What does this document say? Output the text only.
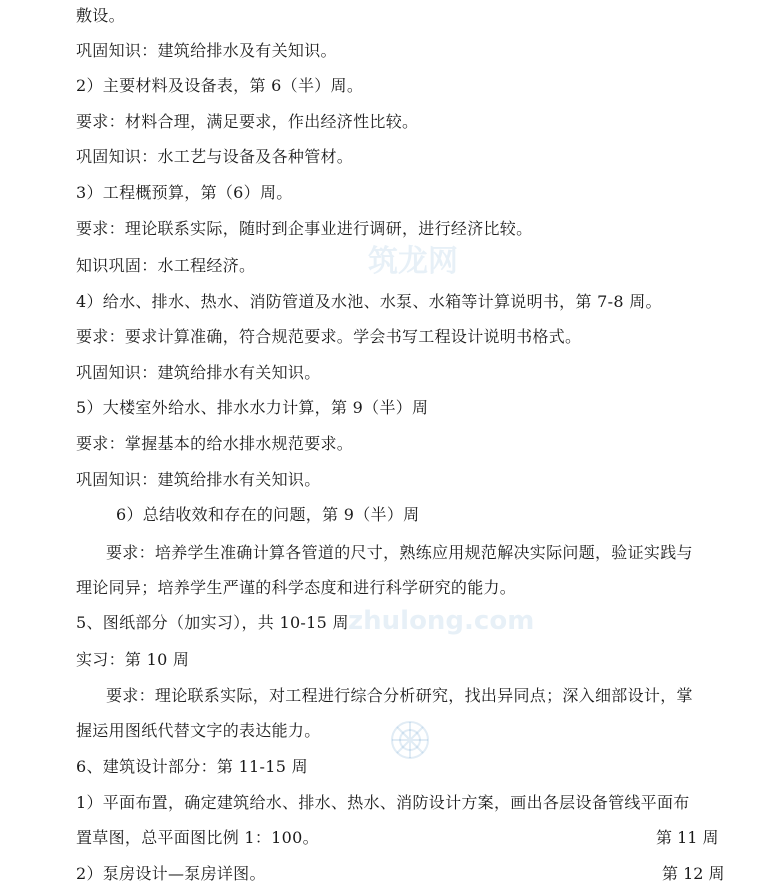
筑龙网
zhulong.com
敷设。
巩固知识：建筑给排水及有关知识。
2）主要材料及设备表，第 6（半）周。
要求：材料合理，满足要求，作出经济性比较。
巩固知识：水工艺与设备及各种管材。
3）工程概预算，第（6）周。
要求：理论联系实际，随时到企事业进行调研，进行经济比较。
知识巩固：水工程经济。
4）给水、排水、热水、消防管道及水池、水泵、水箱等计算说明书，第 7-8 周。
要求：要求计算准确，符合规范要求。学会书写工程设计说明书格式。
巩固知识：建筑给排水有关知识。
5）大楼室外给水、排水水力计算，第 9（半）周
要求：掌握基本的给水排水规范要求。
巩固知识：建筑给排水有关知识。
6）总结收效和存在的问题，第 9（半）周
要求：培养学生准确计算各管道的尺寸，熟练应用规范解决实际问题，验证实践与
理论同异；培养学生严谨的科学态度和进行科学研究的能力。
5、图纸部分（加实习），共 10-15 周
实习：第 10 周
要求：理论联系实际，对工程进行综合分析研究，找出异同点；深入细部设计，掌
握运用图纸代替文字的表达能力。
6、建筑设计部分：第 11-15 周
1）平面布置，确定建筑给水、排水、热水、消防设计方案，画出各层设备管线平面布
置草图，总平面图比例 1：100。
2）泵房设计—泵房详图。
第 11 周
第 12 周
